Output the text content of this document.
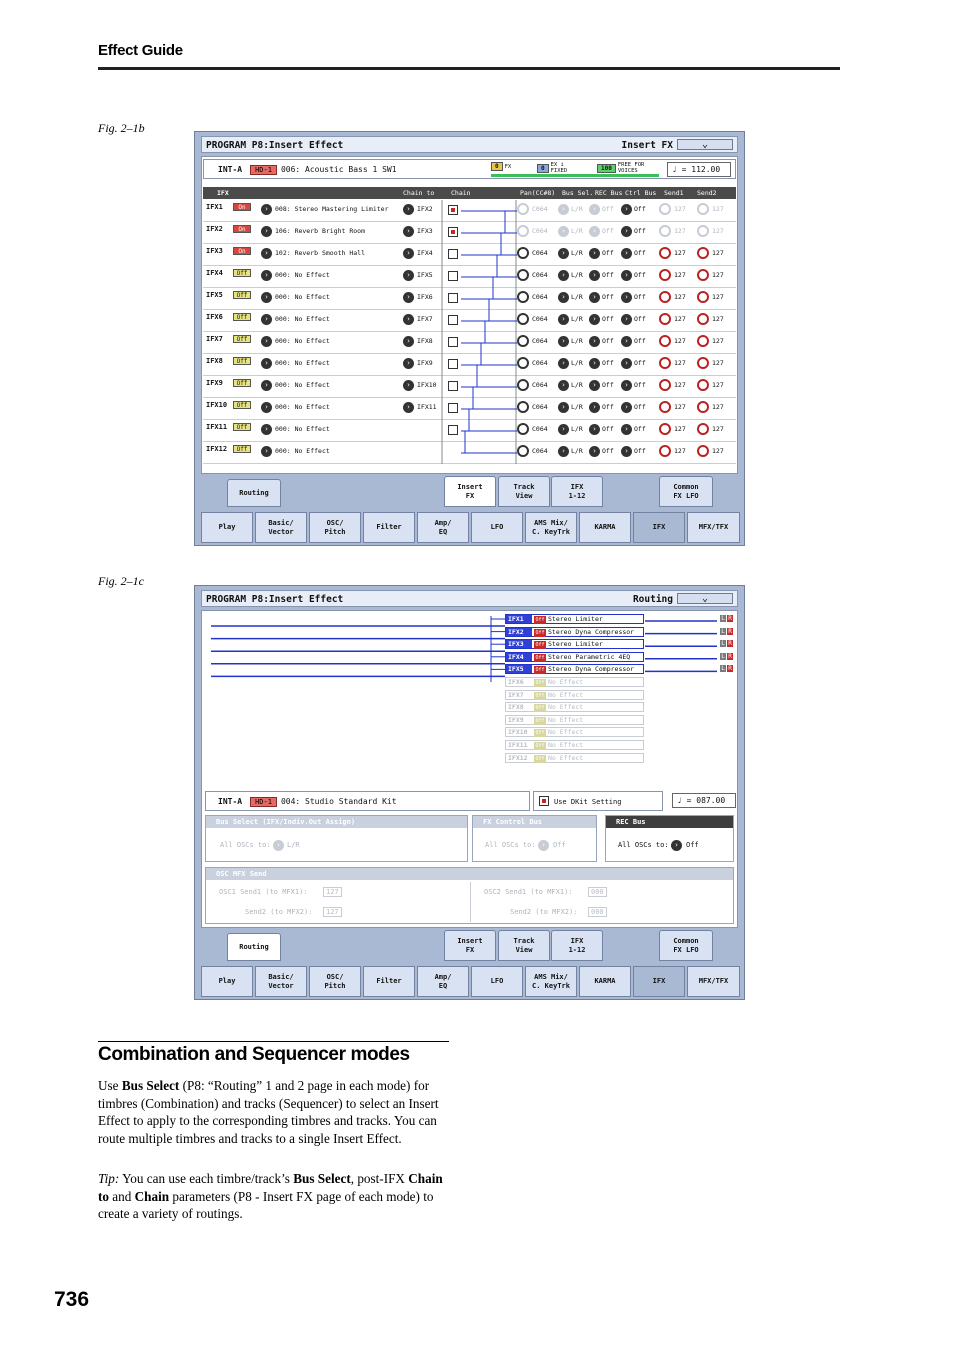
Effect Guide
Fig. 2–1b
PROGRAM P8:Insert Effect	Insert FX	⌄
INT-A HD-1 006: Acoustic Bass 1 SW1	0	FX	0	EX i
FIXED	100	FREE FOR
VOICES	♩ = 112.00
IFX	Chain to	Chain	Pan(CC#8) Bus Sel. REC Bus Ctrl Bus Send1 Send2
IFX1	On	› 008: Stereo Mastering Limiter	› IFX2	C064	› L/R	› Off	› Off	127	127
IFX2	On	› 106: Reverb Bright Room	› IFX3	C064	› L/R	› Off	› Off	127	127
IFX3	On	› 102: Reverb Smooth Hall	› IFX4	C064	› L/R	› Off	› Off	127	127
IFX4	Off	› 000: No Effect	› IFX5	C064	› L/R	› Off	› Off	127	127
IFX5	Off	› 000: No Effect	› IFX6	C064	› L/R	› Off	› Off	127	127
IFX6	Off	› 000: No Effect	› IFX7	C064	› L/R	› Off	› Off	127	127
IFX7	Off	› 000: No Effect	› IFX8	C064	› L/R	› Off	› Off	127	127
IFX8	Off	› 000: No Effect	› IFX9	C064	› L/R	› Off	› Off	127	127
IFX9	Off	› 000: No Effect	› IFX10	C064	› L/R	› Off	› Off	127	127
IFX10	Off	› 000: No Effect	› IFX11	C064	› L/R	› Off	› Off	127	127
IFX11	Off	› 000: No Effect	C064	› L/R	› Off	› Off	127	127
IFX12	Off	› 000: No Effect	C064	› L/R	› Off	› Off	127	127
Routing
Insert
FX
Track
View
IFX
1-12
Common
FX LFO
Play
Basic/
Vector
OSC/
Pitch
Filter
Amp/
EQ
LFO
AMS Mix/
C. KeyTrk
KARMA	IFX	MFX/TFX
Fig. 2–1c
PROGRAM P8:Insert Effect	Routing	⌄
IFX1 Off Stereo Limiter	L R
IFX2 Off Stereo Dyna Compressor	L R
IFX3 Off Stereo Limiter	L R
IFX4 Off Stereo Parametric 4EQ	L R
IFX5 Off Stereo Dyna Compressor	L R
IFX6 Off No Effect
IFX7 Off No Effect
IFX8 Off No Effect
IFX9 Off No Effect
IFX10 Off No Effect
IFX11 Off No Effect
IFX12 Off No Effect
INT-A HD-1 004: Studio Standard Kit	Use DKit Setting	♩ = 087.00
Bus Select (IFX/Indiv.Out Assign)
All OSCs to: › L/R
FX Control Bus
All OSCs to: ›	Off
REC Bus
All OSCs to: ›	Off
OSC MFX Send
OSC1 Send1 (to MFX1):	127
Send2 (to MFX2):	127
OSC2 Send1 (to MFX1):	000
Send2 (to MFX2):	000
Routing
Insert
FX
Track
View
IFX
1-12
Common
FX LFO
Play
Basic/
Vector
OSC/
Pitch
Filter
Amp/
EQ
LFO
AMS Mix/
C. KeyTrk
KARMA	IFX	MFX/TFX
Combination and Sequencer modes

Use Bus Select (P8: “Routing” 1 and 2 page in each mode) for timbres (Combination) and tracks (Sequencer) to select an Insert Effect to apply to the corresponding timbres and tracks. You can route multiple timbres and tracks to a single Insert Effect.

Tip: You can use each timbre/track’s Bus Select, post-IFX Chain to and Chain parameters (P8 - Insert FX page of each mode) to create a variety of routings.

736
